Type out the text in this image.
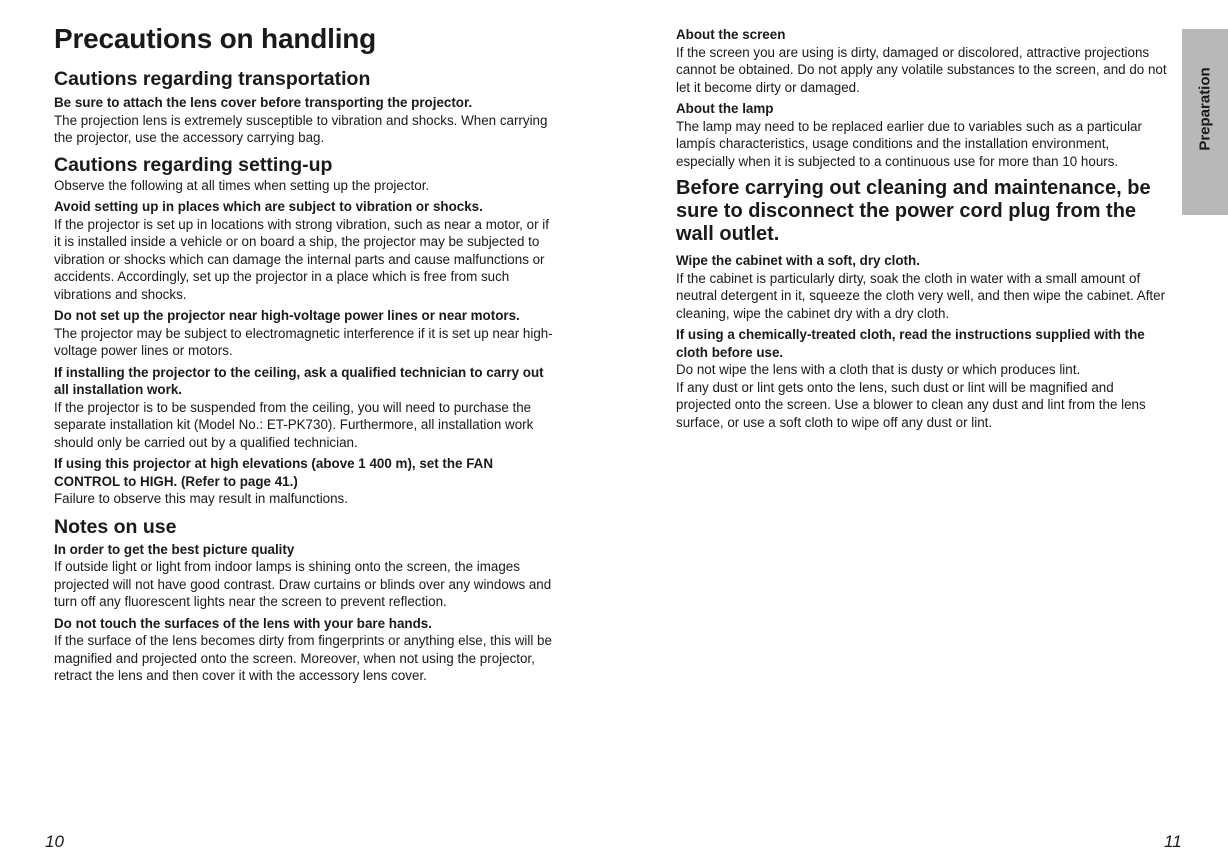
Precautions on handling
Cautions regarding transportation

Be sure to attach the lens cover before transporting the projector.

The projection lens is extremely susceptible to vibration and shocks. When carrying the projector, use the accessory carrying bag.

Cautions regarding setting-up

Observe the following at all times when setting up the projector.

Avoid setting up in places which are subject to vibration or shocks.

If the projector is set up in locations with strong vibration, such as near a motor, or if it is installed inside a vehicle or on board a ship, the projector may be subjected to vibration or shocks which can damage the internal parts and cause malfunctions or accidents. Accordingly, set up the projector in a place which is free from such vibrations and shocks.

Do not set up the projector near high-voltage power lines or near motors.

The projector may be subject to electromagnetic interference if it is set up near high-voltage power lines or motors.

If installing the projector to the ceiling, ask a qualified technician to carry out all installation work.

If the projector is to be suspended from the ceiling, you will need to purchase the separate installation kit (Model No.: ET-PK730). Furthermore, all installation work should only be carried out by a qualified technician.

If using this projector at high elevations (above 1 400 m), set the FAN CONTROL to HIGH. (Refer to page 41.)

Failure to observe this may result in malfunctions.

Notes on use

In order to get the best picture quality

If outside light or light from indoor lamps is shining onto the screen, the images projected will not have good contrast. Draw curtains or blinds over any windows and turn off any fluorescent lights near the screen to prevent reflection.

Do not touch the surfaces of the lens with your bare hands.

If the surface of the lens becomes dirty from fingerprints or anything else, this will be magnified and projected onto the screen. Moreover, when not using the projector, retract the lens and then cover it with the accessory lens cover.

About the screen

If the screen you are using is dirty, damaged or discolored, attractive projections cannot be obtained. Do not apply any volatile substances to the screen, and do not let it become dirty or damaged.

About the lamp

The lamp may need to be replaced earlier due to variables such as a particular lampís characteristics, usage conditions and the installation environment, especially when it is subjected to a continuous use for more than 10 hours.

Before carrying out cleaning and maintenance, be sure to disconnect the power cord plug from the wall outlet.

Wipe the cabinet with a soft, dry cloth.

If the cabinet is particularly dirty, soak the cloth in water with a small amount of neutral detergent in it, squeeze the cloth very well, and then wipe the cabinet. After cleaning, wipe the cabinet dry with a dry cloth.

If using a chemically-treated cloth, read the instructions supplied with the cloth before use.

Do not wipe the lens with a cloth that is dusty or which produces lint.

If any dust or lint gets onto the lens, such dust or lint will be magnified and projected onto the screen. Use a blower to clean any dust and lint from the lens surface, or use a soft cloth to wipe off any dust or lint.

Preparation
10	11
